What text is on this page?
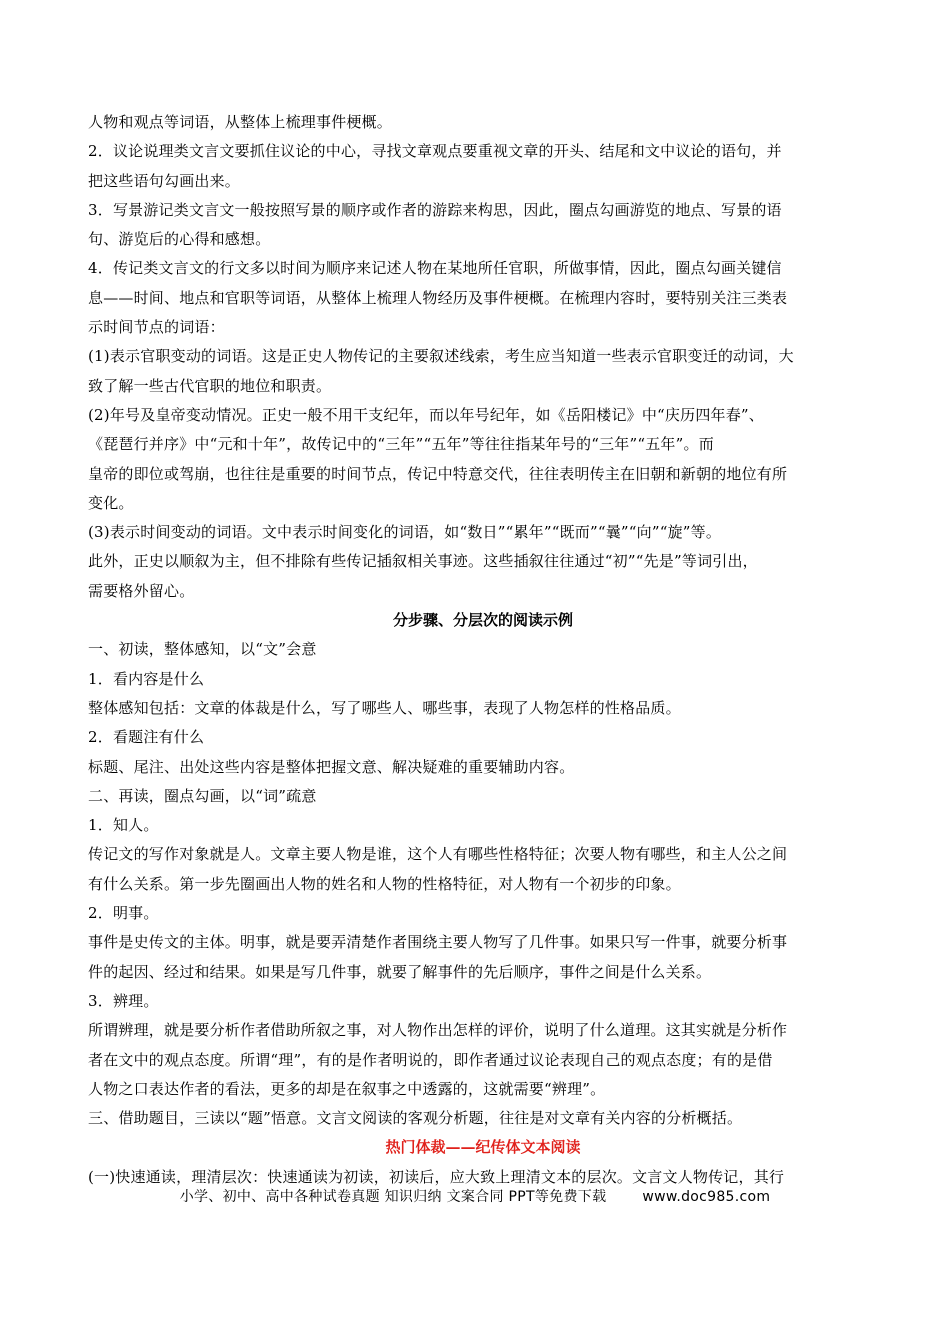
人物和观点等词语，从整体上梳理事件梗概。
2．议论说理类文言文要抓住议论的中心，寻找文章观点要重视文章的开头、结尾和文中议论的语句，并
把这些语句勾画出来。
3．写景游记类文言文一般按照写景的顺序或作者的游踪来构思，因此，圈点勾画游览的地点、写景的语
句、游览后的心得和感想。
4．传记类文言文的行文多以时间为顺序来记述人物在某地所任官职，所做事情，因此，圈点勾画关键信
息——时间、地点和官职等词语，从整体上梳理人物经历及事件梗概。在梳理内容时，要特别关注三类表
示时间节点的词语：
(1)表示官职变动的词语。这是正史人物传记的主要叙述线索，考生应当知道一些表示官职变迁的动词，大
致了解一些古代官职的地位和职责。
(2)年号及皇帝变动情况。正史一般不用干支纪年，而以年号纪年，如《岳阳楼记》中“庆历四年春”、
《琵琶行并序》中“元和十年”，故传记中的“三年”“五年”等往往指某年号的“三年”“五年”。而
皇帝的即位或驾崩，也往往是重要的时间节点，传记中特意交代，往往表明传主在旧朝和新朝的地位有所
变化。
(3)表示时间变动的词语。文中表示时间变化的词语，如“数日”“累年”“既而”“曩”“向”“旋”等。
此外，正史以顺叙为主，但不排除有些传记插叙相关事迹。这些插叙往往通过“初”“先是”等词引出，
需要格外留心。
分步骤、分层次的阅读示例
一、初读，整体感知，以“文”会意
1．看内容是什么
整体感知包括：文章的体裁是什么，写了哪些人、哪些事，表现了人物怎样的性格品质。
2．看题注有什么
标题、尾注、出处这些内容是整体把握文意、解决疑难的重要辅助内容。
二、再读，圈点勾画，以“词”疏意
1．知人。
传记文的写作对象就是人。文章主要人物是谁，这个人有哪些性格特征；次要人物有哪些，和主人公之间
有什么关系。第一步先圈画出人物的姓名和人物的性格特征，对人物有一个初步的印象。
2．明事。
事件是史传文的主体。明事，就是要弄清楚作者围绕主要人物写了几件事。如果只写一件事，就要分析事
件的起因、经过和结果。如果是写几件事，就要了解事件的先后顺序，事件之间是什么关系。
3．辨理。
所谓辨理，就是要分析作者借助所叙之事，对人物作出怎样的评价，说明了什么道理。这其实就是分析作
者在文中的观点态度。所谓“理”，有的是作者明说的，即作者通过议论表现自己的观点态度；有的是借
人物之口表达作者的看法，更多的却是在叙事之中透露的，这就需要“辨理”。
三、借助题目，三读以“题”悟意。文言文阅读的客观分析题，往往是对文章有关内容的分析概括。
热门体裁——纪传体文本阅读
(一)快速通读，理清层次：快速通读为初读，初读后，应大致上理清文本的层次。文言文人物传记，其行
小学、初中、高中各种试卷真题 知识归纳 文案合同 PPT等免费下载	www.doc985.com
